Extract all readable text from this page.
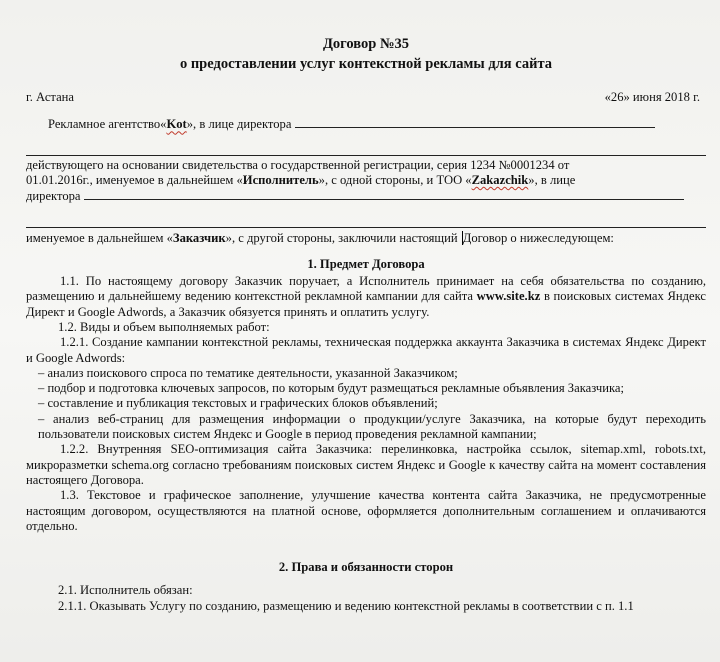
Договор №35
о предоставлении услуг контекстной рекламы для сайта
г. Астана	«26» июня 2018 г.

Рекламное агентство«Kot», в лице директора

действующего на основании свидетельства о государственной регистрации, серия 1234 №0001234 от

01.01.2016г., именуемое в дальнейшем «Исполнитель», с одной стороны, и ТОО «Zakazchik», в лице

директора

именуемое в дальнейшем «Заказчик», с другой стороны, заключили настоящий Договор о нижеследующем:

1. Предмет Договора

1.1. По настоящему договору Заказчик поручает, а Исполнитель принимает на себя обязательства по созданию, размещению и дальнейшему ведению контекстной рекламной кампании для сайта www.site.kz в поисковых системах Яндекс Директ и Google Adwords, а Заказчик обязуется принять и оплатить услугу.

1.2. Виды и объем выполняемых работ:

1.2.1. Создание кампании контекстной рекламы, техническая поддержка аккаунта Заказчика в системах Яндекс Директ и Google Adwords:

– анализ поискового спроса по тематике деятельности, указанной Заказчиком;

– подбор и подготовка ключевых запросов, по которым будут размещаться рекламные объявления Заказчика;

– составление и публикация текстовых и графических блоков объявлений;

– анализ веб-страниц для размещения информации о продукции/услуге Заказчика, на которые будут переходить пользователи поисковых систем Яндекс и Google в период проведения рекламной кампании;

1.2.2. Внутренняя SEO-оптимизация сайта Заказчика: перелинковка, настройка ссылок, sitemap.xml, robots.txt, микроразметки schema.org согласно требованиям поисковых систем Яндекс и Google к качеству сайта на момент составления настоящего Договора.

1.3. Текстовое и графическое заполнение, улучшение качества контента сайта Заказчика, не предусмотренные настоящим договором, осуществляются на платной основе, оформляется дополнительным соглашением и оплачиваются отдельно.

2. Права и обязанности сторон

2.1. Исполнитель обязан:

2.1.1. Оказывать Услугу по созданию, размещению и ведению контекстной рекламы в соответствии с п. 1.1
